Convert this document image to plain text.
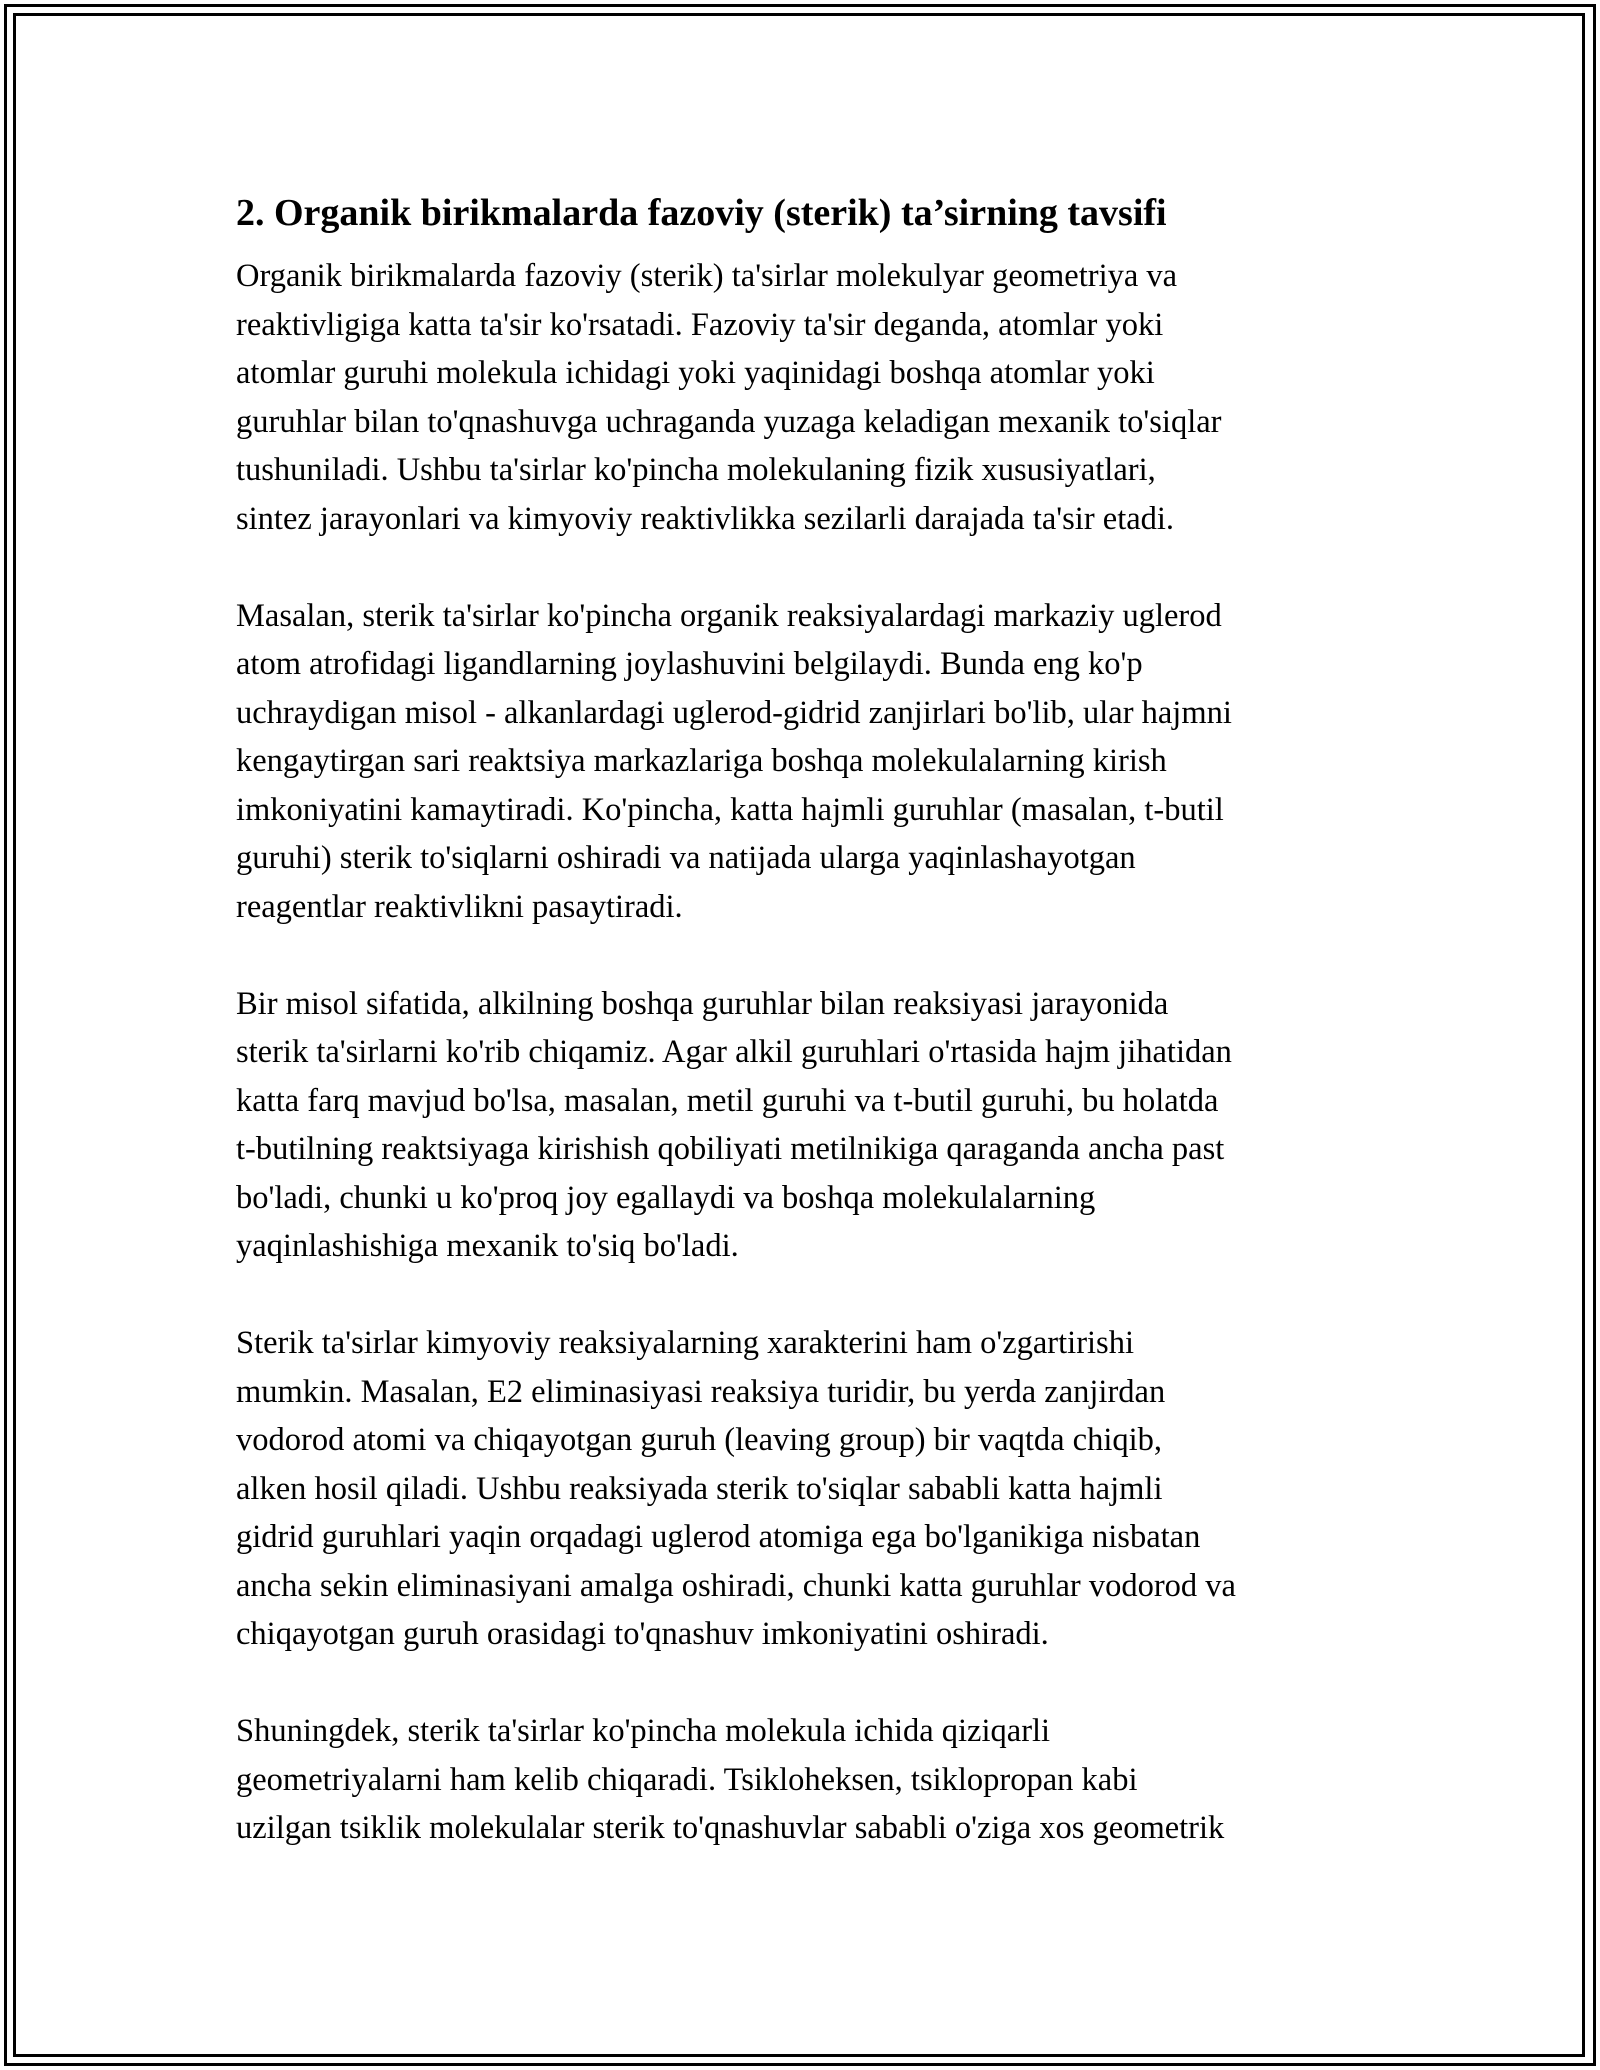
2. Organik birikmalarda fazoviy (sterik) ta’sirning tavsifi
Organik birikmalarda fazoviy (sterik) ta'sirlar molekulyar geometriya va
reaktivligiga katta ta'sir ko'rsatadi. Fazoviy ta'sir deganda, atomlar yoki
atomlar guruhi molekula ichidagi yoki yaqinidagi boshqa atomlar yoki
guruhlar bilan to'qnashuvga uchraganda yuzaga keladigan mexanik to'siqlar
tushuniladi. Ushbu ta'sirlar ko'pincha molekulaning fizik xususiyatlari,
sintez jarayonlari va kimyoviy reaktivlikka sezilarli darajada ta'sir etadi.
Masalan, sterik ta'sirlar ko'pincha organik reaksiyalardagi markaziy uglerod
atom atrofidagi ligandlarning joylashuvini belgilaydi. Bunda eng ko'p
uchraydigan misol - alkanlardagi uglerod-gidrid zanjirlari bo'lib, ular hajmni
kengaytirgan sari reaktsiya markazlariga boshqa molekulalarning kirish
imkoniyatini kamaytiradi. Ko'pincha, katta hajmli guruhlar (masalan, t-butil
guruhi) sterik to'siqlarni oshiradi va natijada ularga yaqinlashayotgan
reagentlar reaktivlikni pasaytiradi.
Bir misol sifatida, alkilning boshqa guruhlar bilan reaksiyasi jarayonida
sterik ta'sirlarni ko'rib chiqamiz. Agar alkil guruhlari o'rtasida hajm jihatidan
katta farq mavjud bo'lsa, masalan, metil guruhi va t-butil guruhi, bu holatda
t-butilning reaktsiyaga kirishish qobiliyati metilnikiga qaraganda ancha past
bo'ladi, chunki u ko'proq joy egallaydi va boshqa molekulalarning
yaqinlashishiga mexanik to'siq bo'ladi.
Sterik ta'sirlar kimyoviy reaksiyalarning xarakterini ham o'zgartirishi
mumkin. Masalan, E2 eliminasiyasi reaksiya turidir, bu yerda zanjirdan
vodorod atomi va chiqayotgan guruh (leaving group) bir vaqtda chiqib,
alken hosil qiladi. Ushbu reaksiyada sterik to'siqlar sababli katta hajmli
gidrid guruhlari yaqin orqadagi uglerod atomiga ega bo'lganikiga nisbatan
ancha sekin eliminasiyani amalga oshiradi, chunki katta guruhlar vodorod va
chiqayotgan guruh orasidagi to'qnashuv imkoniyatini oshiradi.
Shuningdek, sterik ta'sirlar ko'pincha molekula ichida qiziqarli
geometriyalarni ham kelib chiqaradi. Tsikloheksen, tsiklopropan kabi
uzilgan tsiklik molekulalar sterik to'qnashuvlar sababli o'ziga xos geometrik
